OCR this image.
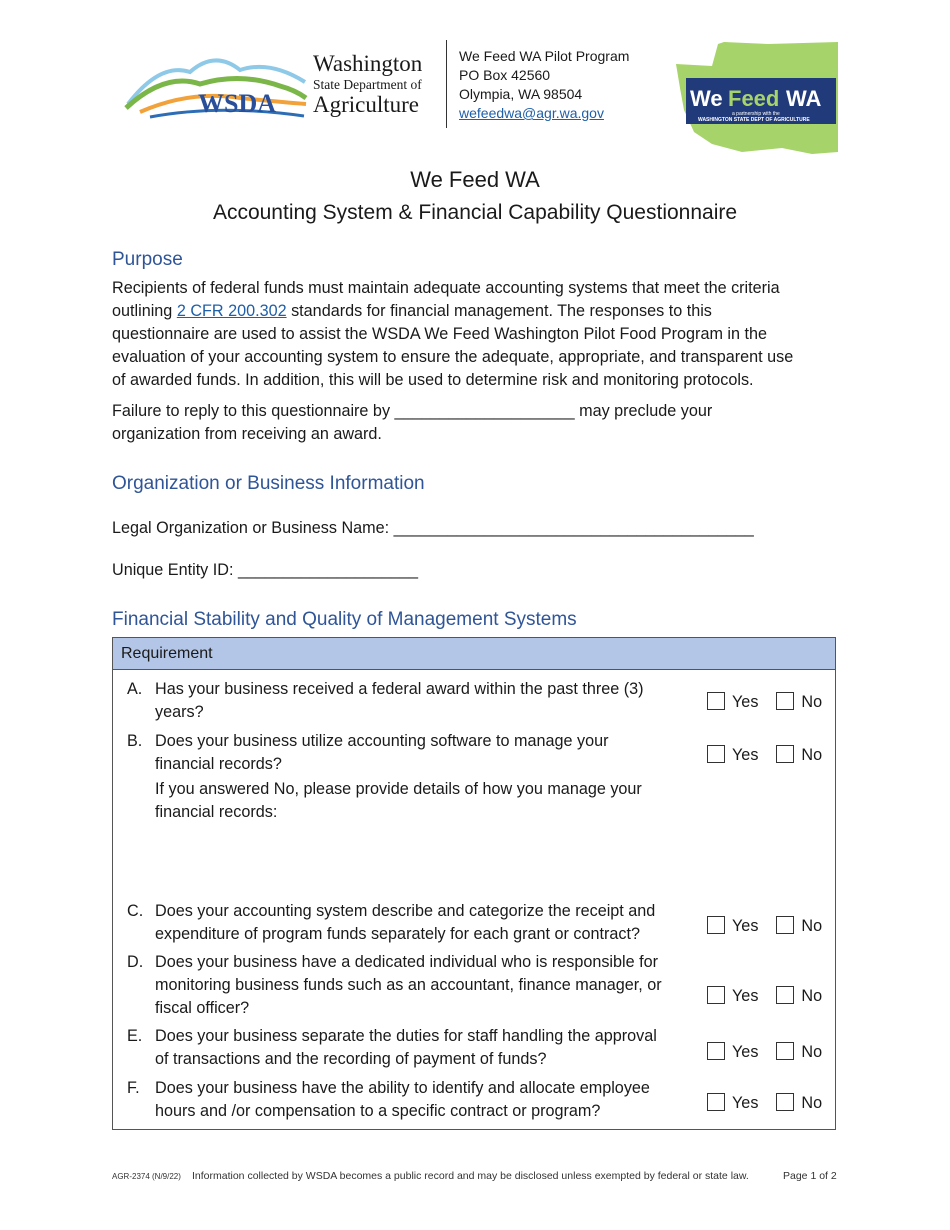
WSDA
Washington
State Department of
Agriculture
We Feed WA Pilot Program
PO Box 42560
Olympia, WA 98504
wefeedwa@agr.wa.gov
We Feed WA
a partnership with the
WASHINGTON STATE DEPT OF AGRICULTURE
We Feed WA
Accounting System & Financial Capability Questionnaire
Purpose
Recipients of federal funds must maintain adequate accounting systems that meet the criteria
outlining 2 CFR 200.302 standards for financial management. The responses to this
questionnaire are used to assist the WSDA We Feed Washington Pilot Food Program in the
evaluation of your accounting system to ensure the adequate, appropriate, and transparent use
of awarded funds. In addition, this will be used to determine risk and monitoring protocols.
Failure to reply to this questionnaire by ____________________ may preclude your
organization from receiving an award.
Organization or Business Information
Legal Organization or Business Name: ________________________________________
Unique Entity ID: ____________________
Financial Stability and Quality of Management Systems
Requirement
A. Has your business received a federal award within the past three (3)
years?
Yes	No
B. Does your business utilize accounting software to manage your
financial records?	Yes	No
If you answered No, please provide details of how you manage your
financial records:
C. Does your accounting system describe and categorize the receipt and
expenditure of program funds separately for each grant or contract?	Yes	No
D. Does your business have a dedicated individual who is responsible for
monitoring business funds such as an accountant, finance manager, or
fiscal officer?
Yes	No
E. Does your business separate the duties for staff handling the approval
of transactions and the recording of payment of funds?	Yes	No
F. Does your business have the ability to identify and allocate employee
hours and /or compensation to a specific contract or program?	Yes	No
AGR-2374 (N/9/22) Information collected by WSDA becomes a public record and may be disclosed unless exempted by federal or state law.	Page 1 of 2
